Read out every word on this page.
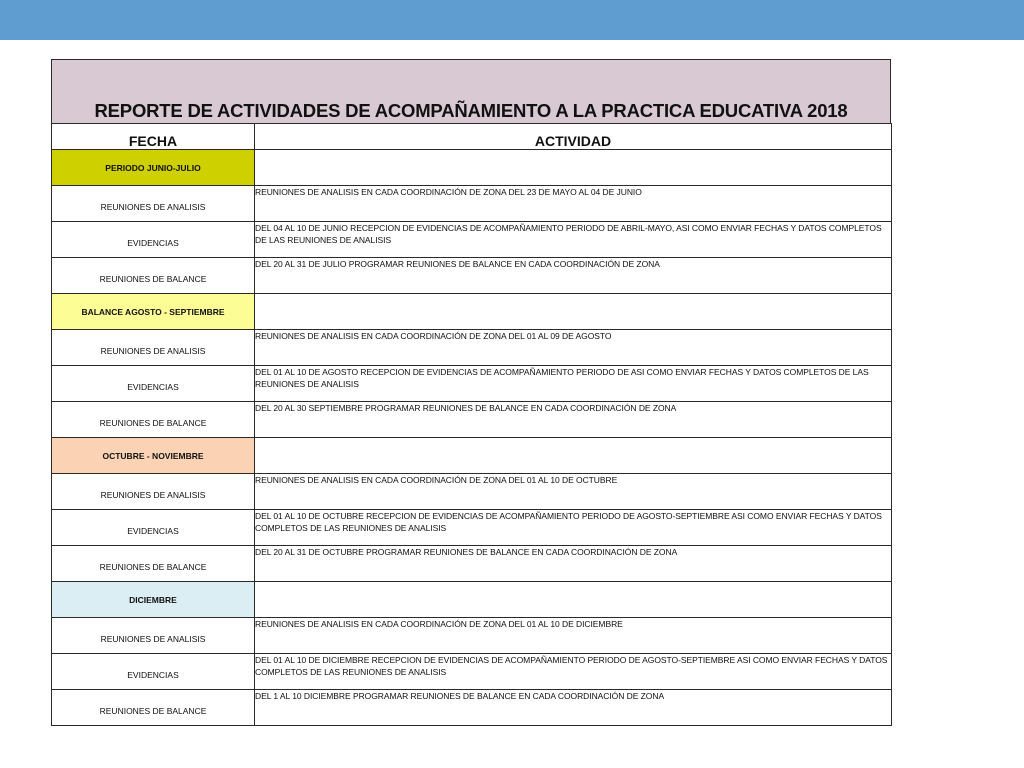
REPORTE DE ACTIVIDADES DE ACOMPAÑAMIENTO A LA PRACTICA EDUCATIVA 2018
FECHA	ACTIVIDAD
PERIODO JUNIO-JULIO	
REUNIONES DE ANALISIS	REUNIONES DE ANALISIS EN CADA COORDINACIÓN DE ZONA DEL 23 DE MAYO AL 04 DE JUNIO
EVIDENCIAS	DEL 04 AL 10 DE JUNIO RECEPCION DE EVIDENCIAS DE ACOMPAÑAMIENTO PERIODO DE ABRIL-MAYO, ASI COMO ENVIAR FECHAS Y DATOS COMPLETOS DE LAS REUNIONES DE ANALISIS
REUNIONES DE BALANCE	DEL 20 AL 31 DE JULIO PROGRAMAR REUNIONES DE BALANCE EN CADA COORDINACIÓN DE ZONA
BALANCE AGOSTO - SEPTIEMBRE	
REUNIONES DE ANALISIS	REUNIONES DE ANALISIS EN CADA COORDINACIÓN DE ZONA DEL 01 AL 09 DE AGOSTO
EVIDENCIAS	DEL 01 AL 10 DE AGOSTO RECEPCION DE EVIDENCIAS DE ACOMPAÑAMIENTO PERIODO DE ASI COMO ENVIAR FECHAS Y DATOS COMPLETOS DE LAS REUNIONES DE ANALISIS
REUNIONES DE BALANCE	DEL 20 AL 30 SEPTIEMBRE PROGRAMAR REUNIONES DE BALANCE EN CADA COORDINACIÓN DE ZONA
OCTUBRE - NOVIEMBRE	
REUNIONES DE ANALISIS	REUNIONES DE ANALISIS EN CADA COORDINACIÓN DE ZONA DEL 01 AL 10 DE OCTUBRE
EVIDENCIAS	DEL 01 AL 10 DE OCTUBRE RECEPCION DE EVIDENCIAS DE ACOMPAÑAMIENTO PERIODO DE AGOSTO-SEPTIEMBRE ASI COMO ENVIAR FECHAS Y DATOS COMPLETOS DE LAS REUNIONES DE ANALISIS
REUNIONES DE BALANCE	DEL 20 AL 31 DE OCTUBRE PROGRAMAR REUNIONES DE BALANCE EN CADA COORDINACIÓN DE ZONA
DICIEMBRE	
REUNIONES DE ANALISIS	REUNIONES DE ANALISIS EN CADA COORDINACIÓN DE ZONA DEL 01 AL 10 DE DICIEMBRE
EVIDENCIAS	DEL 01 AL 10 DE DICIEMBRE RECEPCION DE EVIDENCIAS DE ACOMPAÑAMIENTO PERIODO DE AGOSTO-SEPTIEMBRE ASI COMO ENVIAR FECHAS Y DATOS COMPLETOS DE LAS REUNIONES DE ANALISIS
REUNIONES DE BALANCE	DEL 1 AL 10 DICIEMBRE PROGRAMAR REUNIONES DE BALANCE EN CADA COORDINACIÓN DE ZONA
